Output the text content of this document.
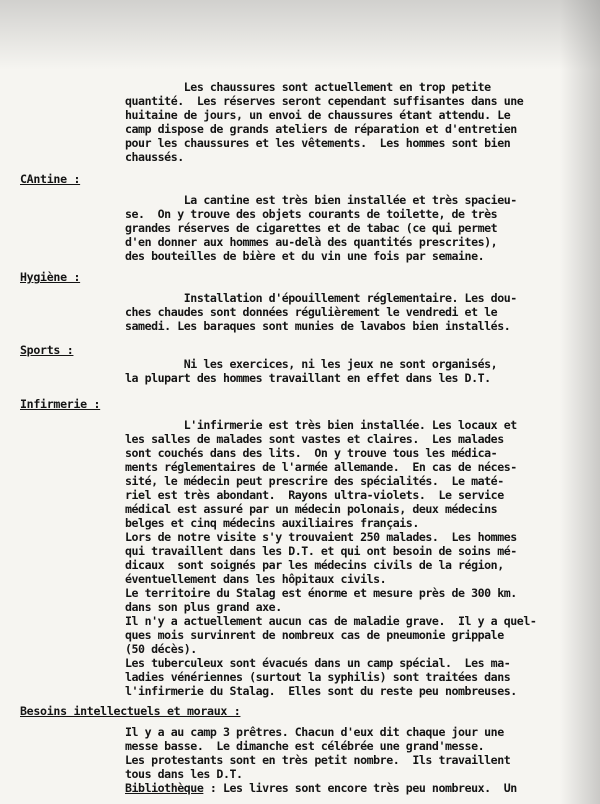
Les chaussures sont actuellement en trop petite
quantité.  Les réserves seront cependant suffisantes dans une
huitaine de jours, un envoi de chaussures étant attendu. Le
camp dispose de grands ateliers de réparation et d'entretien
pour les chaussures et les vêtements.  Les hommes sont bien
chaussés.
CAntine :
La cantine est très bien installée et très spacieu-
se.  On y trouve des objets courants de toilette, de très
grandes réserves de cigarettes et de tabac (ce qui permet
d'en donner aux hommes au-delà des quantités prescrites),
des bouteilles de bière et du vin une fois par semaine.
Hygiène :
Installation d'épouillement réglementaire. Les dou-
ches chaudes sont données régulièrement le vendredi et le
samedi. Les baraques sont munies de lavabos bien installés.
Sports :
Ni les exercices, ni les jeux ne sont organisés,
la plupart des hommes travaillant en effet dans les D.T.
Infirmerie :
L'infirmerie est très bien installée. Les locaux et
les salles de malades sont vastes et claires.  Les malades
sont couchés dans des lits.  On y trouve tous les médica-
ments réglementaires de l'armée allemande.  En cas de néces-
sité, le médecin peut prescrire des spécialités.  Le maté-
riel est très abondant.  Rayons ultra-violets.  Le service
médical est assuré par un médecin polonais, deux médecins
belges et cinq médecins auxiliaires français.
Lors de notre visite s'y trouvaient 250 malades.  Les hommes
qui travaillent dans les D.T. et qui ont besoin de soins mé-
dicaux  sont soignés par les médecins civils de la région,
éventuellement dans les hôpitaux civils.
Le territoire du Stalag est énorme et mesure près de 300 km.
dans son plus grand axe.
Il n'y a actuellement aucun cas de maladie grave.  Il y a quel-
ques mois survinrent de nombreux cas de pneumonie grippale
(50 décès).
Les tuberculeux sont évacués dans un camp spécial.  Les ma-
ladies vénériennes (surtout la syphilis) sont traitées dans
l'infirmerie du Stalag.  Elles sont du reste peu nombreuses.
Besoins intellectuels et moraux :
Il y a au camp 3 prêtres. Chacun d'eux dit chaque jour une
messe basse.  Le dimanche est célébrée une grand'messe.
Les protestants sont en très petit nombre.  Ils travaillent
tous dans les D.T.
Bibliothèque : Les livres sont encore très peu nombreux.  Un
